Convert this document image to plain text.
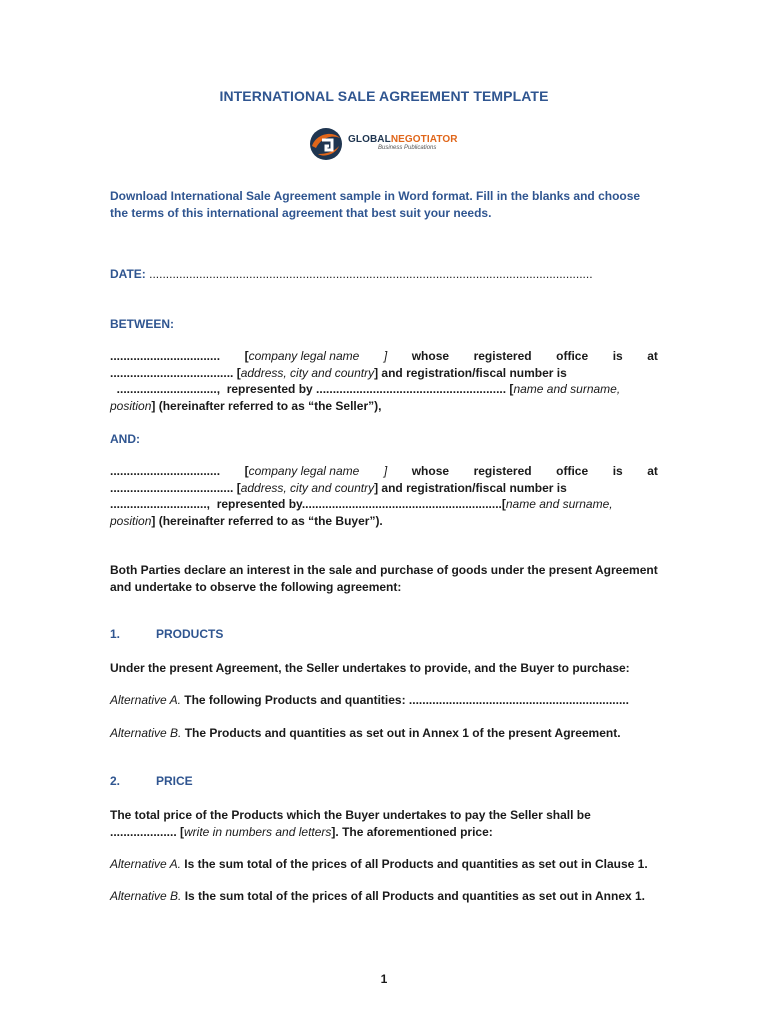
INTERNATIONAL SALE AGREEMENT TEMPLATE
GLOBALNEGOTIATOR
Business Publications
Download International Sale Agreement sample in Word format. Fill in the blanks and choose the terms of this international agreement that best suit your needs.
DATE: .....................................................................................................................................
BETWEEN:
................................. [company legal name ] whose registered office is at
..................................... [address, city and country] and registration/fiscal number is
..............................,  represented by ......................................................... [name and surname,
position] (hereinafter referred to as “the Seller”),
AND:
................................. [company legal name ] whose registered office is at
..................................... [address, city and country] and registration/fiscal number is
.............................,  represented by............................................................[name and surname,
position] (hereinafter referred to as “the Buyer”).
Both Parties declare an interest in the sale and purchase of goods under the present Agreement and undertake to observe the following agreement:
1.	PRODUCTS
Under the present Agreement, the Seller undertakes to provide, and the Buyer to purchase:
Alternative A. The following Products and quantities: ..................................................................
Alternative B. The Products and quantities as set out in Annex 1 of the present Agreement.
2.	PRICE
The total price of the Products which the Buyer undertakes to pay the Seller shall be
.................... [write in numbers and letters]. The aforementioned price:
Alternative A. Is the sum total of the prices of all Products and quantities as set out in Clause 1.
Alternative B. Is the sum total of the prices of all Products and quantities as set out in Annex 1.
1
